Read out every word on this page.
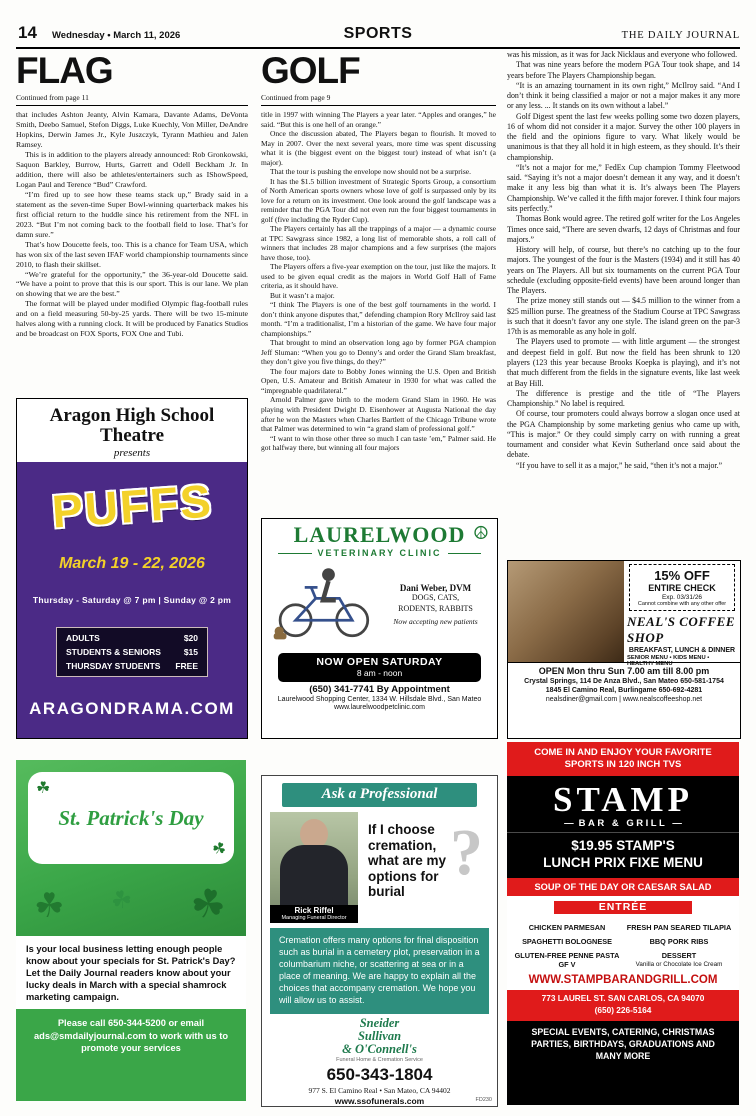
14 Wednesday • March 11, 2026	SPORTS	THE DAILY JOURNAL
FLAG
Continued from page 11

that includes Ashton Jeanty, Alvin Kamara, Davante Adams, DeVonta Smith, Deebo Samuel, Stefon Diggs, Luke Kuechly, Von Miller, DeAndre Hopkins, Derwin James Jr., Kyle Juszczyk, Tyrann Mathieu and Jalen Ramsey.

This is in addition to the players already announced: Rob Gronkowski, Saquon Barkley, Burrow, Hurts, Garrett and Odell Beckham Jr. In addition, there will also be athletes/entertainers such as IShowSpeed, Logan Paul and Terence “Bud” Crawford.

“I’m fired up to see how these teams stack up,” Brady said in a statement as the seven-time Super Bowl-winning quarterback makes his first official return to the huddle since his retirement from the NFL in 2023. “But I’m not coming back to the football field to lose. That’s for damn sure.”

That’s how Doucette feels, too. This is a chance for Team USA, which has won six of the last seven IFAF world championship tournaments since 2010, to flash their skillset.

“We’re grateful for the opportunity,” the 36-year-old Doucette said. “We have a point to prove that this is our sport. This is our lane. We plan on showing that we are the best.”

The format will be played under modified Olympic flag-football rules and on a field measuring 50-by-25 yards. There will be two 15-minute halves along with a running clock. It will be produced by Fanatics Studios and be broadcast on FOX Sports, FOX One and Tubi.

GOLF
Continued from page 9

title in 1997 with winning The Players a year later. “Apples and oranges,” he said. “But this is one hell of an orange.”

Once the discussion abated, The Players began to flourish. It moved to May in 2007. Over the next several years, more time was spent discussing what it is (the biggest event on the biggest tour) instead of what isn’t (a major).

That the tour is pushing the envelope now should not be a surprise.

It has the $1.5 billion investment of Strategic Sports Group, a consortium of North American sports owners whose love of golf is surpassed only by its love for a return on its investment. One look around the golf landscape was a reminder that the PGA Tour did not even run the four biggest tournaments in golf (five including the Ryder Cup).

The Players certainly has all the trappings of a major — a dynamic course at TPC Sawgrass since 1982, a long list of memorable shots, a roll call of winners that includes 28 major champions and a few surprises (the majors have those, too).

The Players offers a five-year exemption on the tour, just like the majors. It used to be given equal credit as the majors in World Golf Hall of Fame criteria, as it should have.

But it wasn’t a major.

“I think The Players is one of the best golf tournaments in the world. I don’t think anyone disputes that,” defending champion Rory McIlroy said last month. “I’m a traditionalist, I’m a historian of the game. We have four major championships.”

That brought to mind an observation long ago by former PGA champion Jeff Sluman: “When you go to Denny’s and order the Grand Slam breakfast, they don’t give you five things, do they?”

The four majors date to Bobby Jones winning the U.S. Open and British Open, U.S. Amateur and British Amateur in 1930 for what was called the “impregnable quadrilateral.”

Arnold Palmer gave birth to the modern Grand Slam in 1960. He was playing with President Dwight D. Eisenhower at Augusta National the day after he won the Masters when Charles Bartlett of the Chicago Tribune wrote that Palmer was determined to win “a grand slam of professional golf.”

“I want to win those other three so much I can taste ’em,” Palmer said. He got halfway there, but winning all four majors

was his mission, as it was for Jack Nicklaus and everyone who followed.

That was nine years before the modern PGA Tour took shape, and 14 years before The Players Championship began.

“It is an amazing tournament in its own right,” McIlroy said. “And I don’t think it being classified a major or not a major makes it any more or any less. ... It stands on its own without a label.”

Golf Digest spent the last few weeks polling some two dozen players, 16 of whom did not consider it a major. Survey the other 100 players in the field and the opinions figure to vary. What likely would be unanimous is that they all hold it in high esteem, as they should. It’s their championship.

“It’s not a major for me,” FedEx Cup champion Tommy Fleetwood said. “Saying it’s not a major doesn’t demean it any way, and it doesn’t make it any less big than what it is. It’s always been The Players Championship. We’ve called it the fifth major forever. I think four majors sits perfectly.”

Thomas Bonk would agree. The retired golf writer for the Los Angeles Times once said, “There are seven dwarfs, 12 days of Christmas and four majors.”

History will help, of course, but there’s no catching up to the four majors. The youngest of the four is the Masters (1934) and it still has 40 years on The Players. All but six tournaments on the current PGA Tour schedule (excluding opposite-field events) have been around longer than The Players.

The prize money still stands out — $4.5 million to the winner from a $25 million purse. The greatness of the Stadium Course at TPC Sawgrass is such that it doesn’t favor any one style. The island green on the par-3 17th is as memorable as any hole in golf.

The Players used to promote — with little argument — the strongest and deepest field in golf. But now the field has been shrunk to 120 players (123 this year because Brooks Koepka is playing), and it’s not that much different from the fields in the signature events, like last week at Bay Hill.

The difference is prestige and the title of “The Players Championship.” No label is required.

Of course, tour promoters could always borrow a slogan once used at the PGA Championship by some marketing genius who came up with, “This is major.” Or they could simply carry on with running a great tournament and consider what Kevin Sutherland once said about the debate.

“If you have to sell it as a major,” he said, “then it’s not a major.”

Aragon High School
Theatre
presents
PUFFS
March 19 - 22, 2026
Thursday - Saturday @ 7 pm | Sunday @ 2 pm
ADULTS	$20
STUDENTS & SENIORS	$15
THURSDAY STUDENTS FREE
ARAGONDRAMA.COM
LAURELWOOD
VETERINARY CLINIC
☮
Dani Weber, DVM
DOGS, CATS,
RODENTS, RABBITS
Now accepting new patients
NOW OPEN SATURDAY
8 am - noon
(650) 341-7741 By Appointment
Laurelwood Shopping Center, 1334 W. Hillsdale Blvd., San Mateo
www.laurelwoodpetclinic.com
15% OFF
ENTIRE CHECK
Exp. 03/31/26
Cannot combine with any other offer
NEAL'S COFFEE SHOP
BREAKFAST, LUNCH & DINNER
SENIOR MENU • KIDS MENU • HEALTHY MENU
OPEN Mon thru Sun 7.00 am till 8.00 pm
Crystal Springs, 114 De Anza Blvd., San Mateo 650-581-1754
1845 El Camino Real, Burlingame 650-692-4281
nealsdiner@gmail.com | www.nealscoffeeshop.net
☘
St. Patrick's Day
☘
☘ ☘ ☘
Is your local business letting enough people know about your specials for St. Patrick's Day? Let the Daily Journal readers know about your lucky deals in March with a special shamrock marketing campaign.
Please call 650-344-5200 or email ads@smdailyjournal.com to work with us to promote your services
Ask a Professional
Rick Riffel
Managing Funeral Director
If I choose cremation, what are my options for burial
?
Cremation offers many options for final disposition such as burial in a cemetery plot, preservation in a columbarium niche, or scattering at sea or in a place of meaning. We are happy to explain all the choices that accompany cremation. We hope you will allow us to assist.
Sneider
Sullivan
& O'Connell's
Funeral Home & Cremation Service
650-343-1804
977 S. El Camino Real • San Mateo, CA 94402
www.ssofunerals.com	FD230
COME IN AND ENJOY YOUR FAVORITE SPORTS IN 120 INCH TVS
STAMP
— BAR & GRILL —
$19.95 STAMP'S
LUNCH PRIX FIXE MENU
SOUP OF THE DAY OR CAESAR SALAD
ENTRÉE
CHICKEN PARMESAN
SPAGHETTI BOLOGNESE
GLUTEN-FREE PENNE PASTA GF V
FRESH PAN SEARED TILAPIA
BBQ PORK RIBS
DESSERT
Vanilla or Chocolate Ice Cream
WWW.STAMPBARANDGRILL.COM
773 LAUREL ST. SAN CARLOS, CA 94070
(650) 226-5164
SPECIAL EVENTS, CATERING, CHRISTMAS PARTIES, BIRTHDAYS, GRADUATIONS AND MANY MORE
